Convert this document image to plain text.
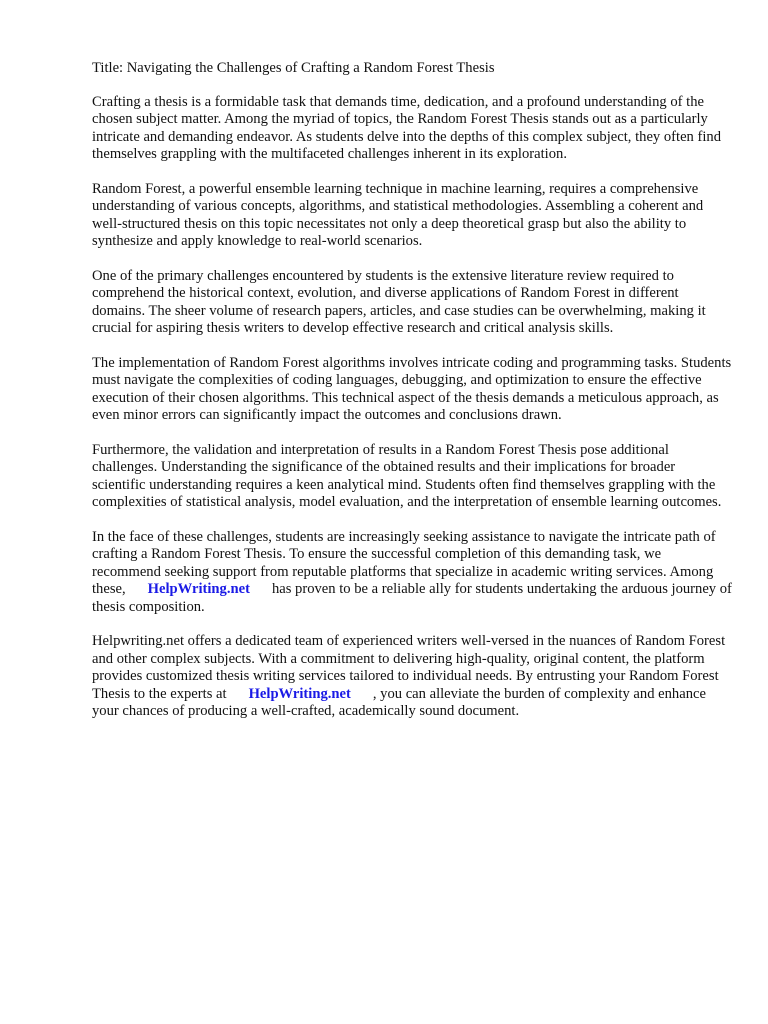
Title: Navigating the Challenges of Crafting a Random Forest Thesis

Crafting a thesis is a formidable task that demands time, dedication, and a profound understanding of the chosen subject matter. Among the myriad of topics, the Random Forest Thesis stands out as a particularly intricate and demanding endeavor. As students delve into the depths of this complex subject, they often find themselves grappling with the multifaceted challenges inherent in its exploration.

Random Forest, a powerful ensemble learning technique in machine learning, requires a comprehensive understanding of various concepts, algorithms, and statistical methodologies. Assembling a coherent and well-structured thesis on this topic necessitates not only a deep theoretical grasp but also the ability to synthesize and apply knowledge to real-world scenarios.

One of the primary challenges encountered by students is the extensive literature review required to comprehend the historical context, evolution, and diverse applications of Random Forest in different domains. The sheer volume of research papers, articles, and case studies can be overwhelming, making it crucial for aspiring thesis writers to develop effective research and critical analysis skills.

The implementation of Random Forest algorithms involves intricate coding and programming tasks. Students must navigate the complexities of coding languages, debugging, and optimization to ensure the effective execution of their chosen algorithms. This technical aspect of the thesis demands a meticulous approach, as even minor errors can significantly impact the outcomes and conclusions drawn.

Furthermore, the validation and interpretation of results in a Random Forest Thesis pose additional challenges. Understanding the significance of the obtained results and their implications for broader scientific understanding requires a keen analytical mind. Students often find themselves grappling with the complexities of statistical analysis, model evaluation, and the interpretation of ensemble learning outcomes.

In the face of these challenges, students are increasingly seeking assistance to navigate the intricate path of crafting a Random Forest Thesis. To ensure the successful completion of this demanding task, we recommend seeking support from reputable platforms that specialize in academic writing services. Among these, HelpWriting.net has proven to be a reliable ally for students undertaking the arduous journey of thesis composition.

Helpwriting.net offers a dedicated team of experienced writers well-versed in the nuances of Random Forest and other complex subjects. With a commitment to delivering high-quality, original content, the platform provides customized thesis writing services tailored to individual needs. By entrusting your Random Forest Thesis to the experts at HelpWriting.net , you can alleviate the burden of complexity and enhance your chances of producing a well-crafted, academically sound document.
